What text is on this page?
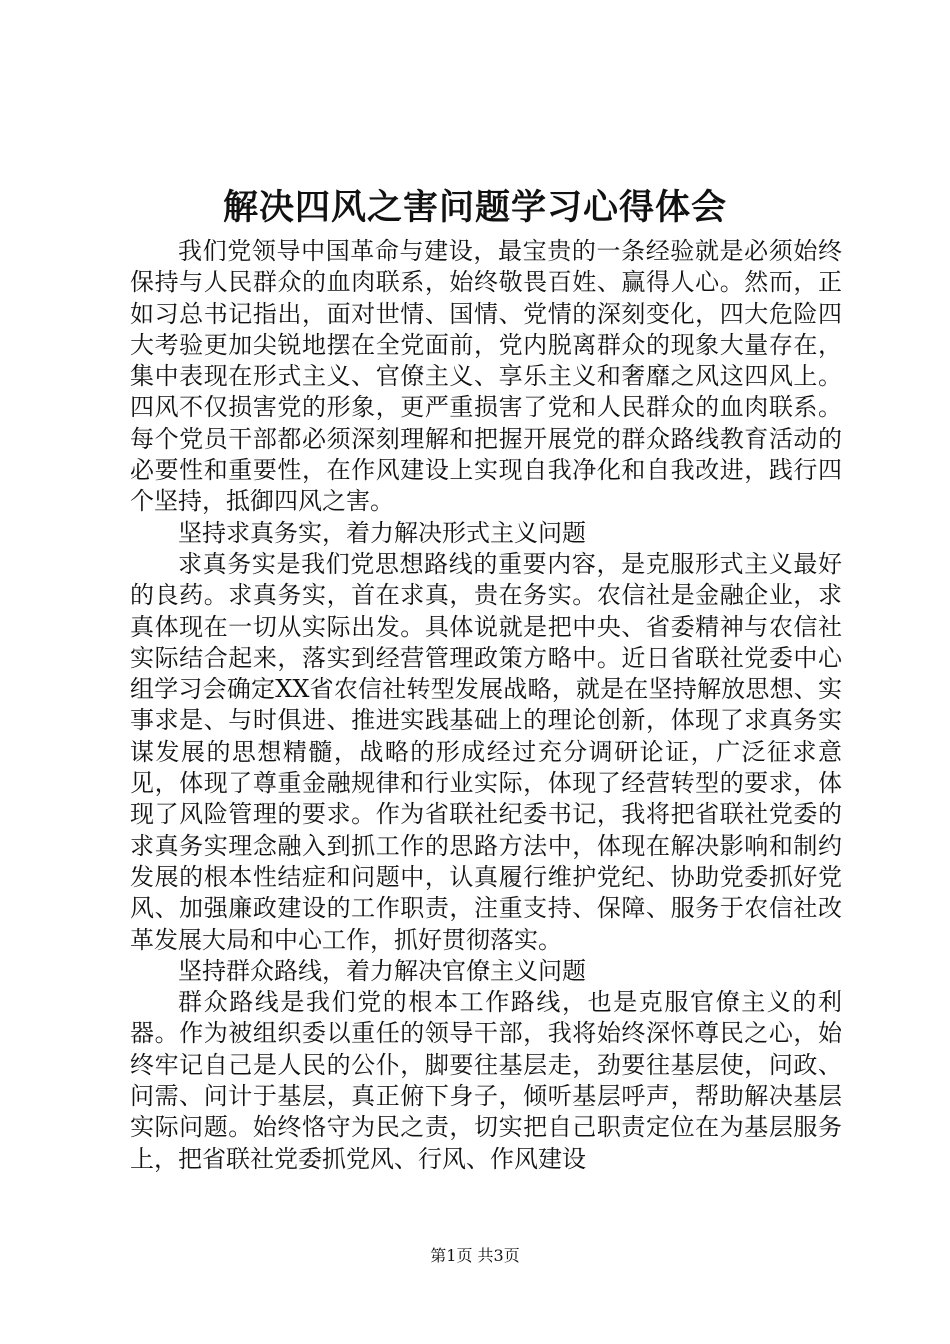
解决四风之害问题学习心得体会

我们党领导中国革命与建设，最宝贵的一条经验就是必须始终保持与人民群众的血肉联系，始终敬畏百姓、赢得人心。然而，正如习总书记指出，面对世情、国情、党情的深刻变化，四大危险四大考验更加尖锐地摆在全党面前，党内脱离群众的现象大量存在，集中表现在形式主义、官僚主义、享乐主义和奢靡之风这四风上。四风不仅损害党的形象，更严重损害了党和人民群众的血肉联系。每个党员干部都必须深刻理解和把握开展党的群众路线教育活动的必要性和重要性，在作风建设上实现自我净化和自我改进，践行四个坚持，抵御四风之害。

坚持求真务实，着力解决形式主义问题

求真务实是我们党思想路线的重要内容，是克服形式主义最好的良药。求真务实，首在求真，贵在务实。农信社是金融企业，求真体现在一切从实际出发。具体说就是把中央、省委精神与农信社实际结合起来，落实到经营管理政策方略中。近日省联社党委中心组学习会确定XX省农信社转型发展战略，就是在坚持解放思想、实事求是、与时俱进、推进实践基础上的理论创新，体现了求真务实谋发展的思想精髓，战略的形成经过充分调研论证，广泛征求意见，体现了尊重金融规律和行业实际，体现了经营转型的要求，体现了风险管理的要求。作为省联社纪委书记，我将把省联社党委的求真务实理念融入到抓工作的思路方法中，体现在解决影响和制约发展的根本性结症和问题中，认真履行维护党纪、协助党委抓好党风、加强廉政建设的工作职责，注重支持、保障、服务于农信社改革发展大局和中心工作，抓好贯彻落实。

坚持群众路线，着力解决官僚主义问题

群众路线是我们党的根本工作路线，也是克服官僚主义的利器。作为被组织委以重任的领导干部，我将始终深怀尊民之心，始终牢记自己是人民的公仆，脚要往基层走，劲要往基层使，问政、问需、问计于基层，真正俯下身子，倾听基层呼声，帮助解决基层实际问题。始终恪守为民之责，切实把自己职责定位在为基层服务上，把省联社党委抓党风、行风、作风建设

第1页 共3页
